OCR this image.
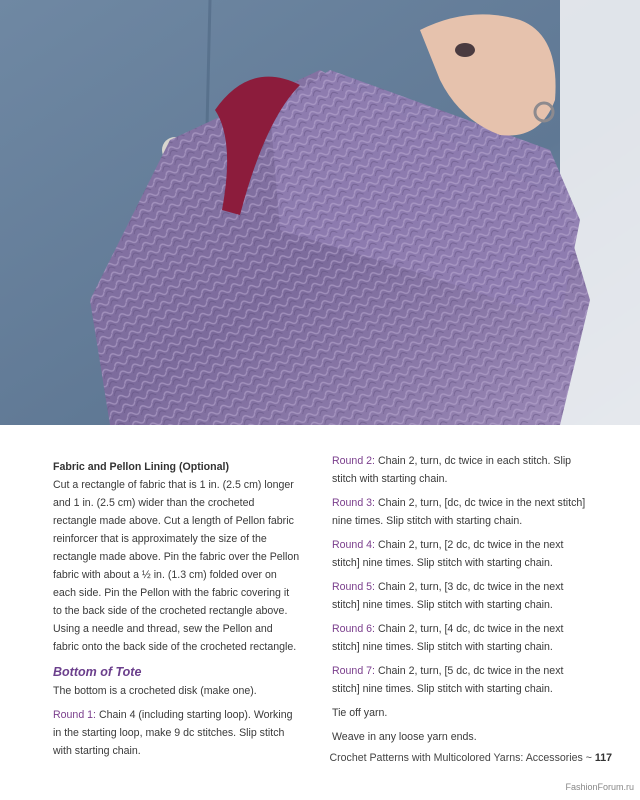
Fabric and Pellon Lining (Optional)

Cut a rectangle of fabric that is 1 in. (2.5 cm) longer and 1 in. (2.5 cm) wider than the crocheted rectangle made above. Cut a length of Pellon fabric reinforcer that is approximately the size of the rectangle made above. Pin the fabric over the Pellon fabric with about a ½ in. (1.3 cm) folded over on each side. Pin the Pellon with the fabric covering it to the back side of the crocheted rectangle above. Using a needle and thread, sew the Pellon and fabric onto the back side of the crocheted rectangle.

Bottom of Tote

The bottom is a crocheted disk (make one).

Round 1: Chain 4 (including starting loop). Working in the starting loop, make 9 dc stitches. Slip stitch with starting chain.

Round 2: Chain 2, turn, dc twice in each stitch. Slip stitch with starting chain.

Round 3: Chain 2, turn, [dc, dc twice in the next stitch] nine times. Slip stitch with starting chain.

Round 4: Chain 2, turn, [2 dc, dc twice in the next stitch] nine times. Slip stitch with starting chain.

Round 5: Chain 2, turn, [3 dc, dc twice in the next stitch] nine times. Slip stitch with starting chain.

Round 6: Chain 2, turn, [4 dc, dc twice in the next stitch] nine times. Slip stitch with starting chain.

Round 7: Chain 2, turn, [5 dc, dc twice in the next stitch] nine times. Slip stitch with starting chain.

Tie off yarn.

Weave in any loose yarn ends.

Crochet Patterns with Multicolored Yarns: Accessories ~ 117
FashionForum.ru
